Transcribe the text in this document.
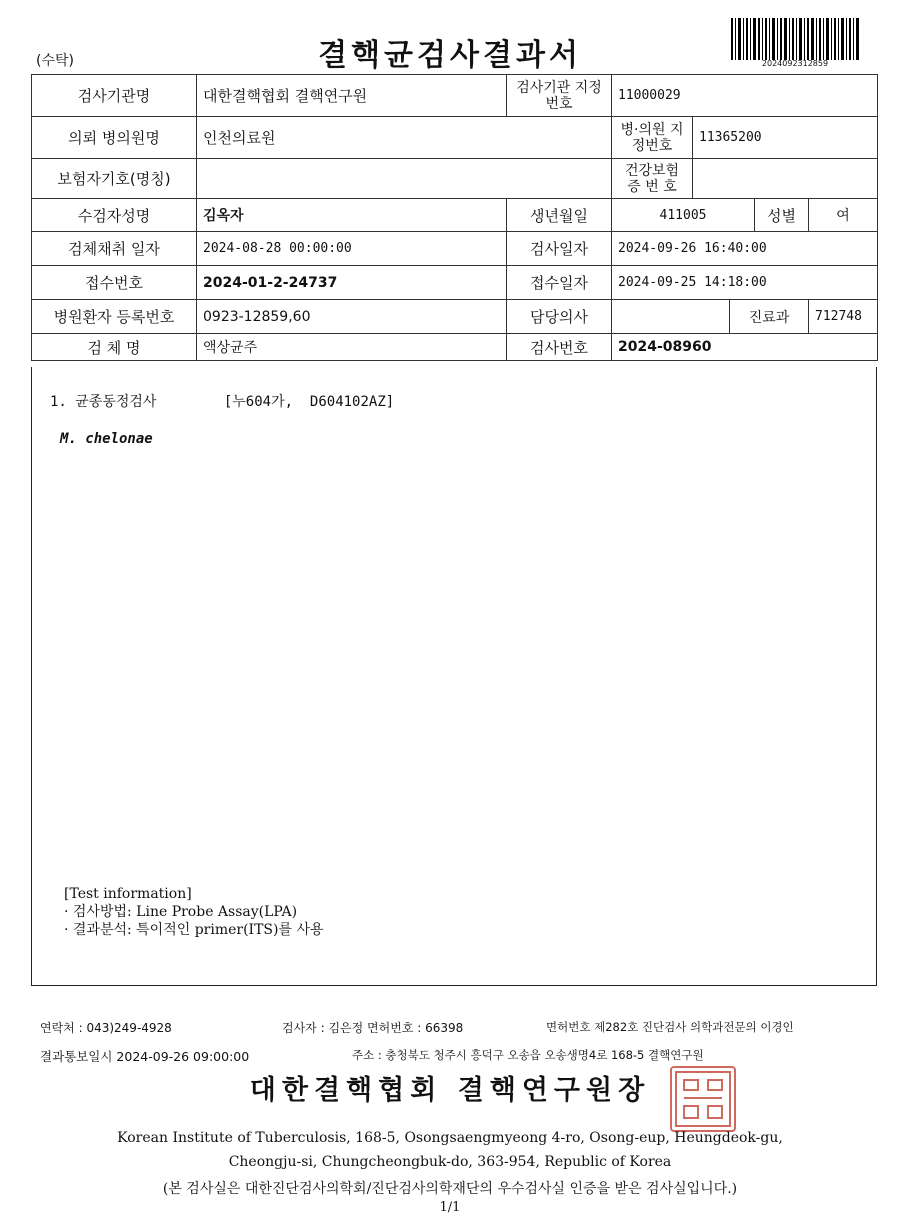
(수탁)	결핵균검사결과서	2024092312859
검사기관명	대한결핵협회 결핵연구원	검사기관 지정번호	11000029				
의뢰 병의원명	인천의료원		병·의원 지정번호	11365200			
보험자기호(명칭)			건강보험 증 번 호				
수검자성명	김옥자	생년월일	411005			성별	여
검체채취 일자	2024-08-28 00:00:00	검사일자	2024-09-26 16:40:00				
접수번호	2024-01-2-24737	접수일자	2024-09-25 14:18:00				
병원환자 등록번호	0923-12859,60	담당의사			진료과		712748
검 체 명	액상균주	검사번호	2024-08960				
1. 균종동정검사        [누604가,  D604102AZ]
M. chelonae
[Test information]
· 검사방법: Line Probe Assay(LPA)
· 결과분석: 특이적인 primer(ITS)를 사용
연락처 : 043)249-4928	검사자 : 김은정 면허번호 : 66398	면허번호 제282호 진단검사 의학과전문의 이경인
결과통보일시 2024-09-26 09:00:00	주소 : 충청북도 청주시 흥덕구 오송읍 오송생명4로 168-5 결핵연구원
대한결핵협회 결핵연구원장
Korean Institute of Tuberculosis, 168-5, Osongsaengmyeong 4-ro, Osong-eup, Heungdeok-gu,
Cheongju-si, Chungcheongbuk-do, 363-954, Republic of Korea
(본 검사실은 대한진단검사의학회/진단검사의학재단의 우수검사실 인증을 받은 검사실입니다.)
1/1
